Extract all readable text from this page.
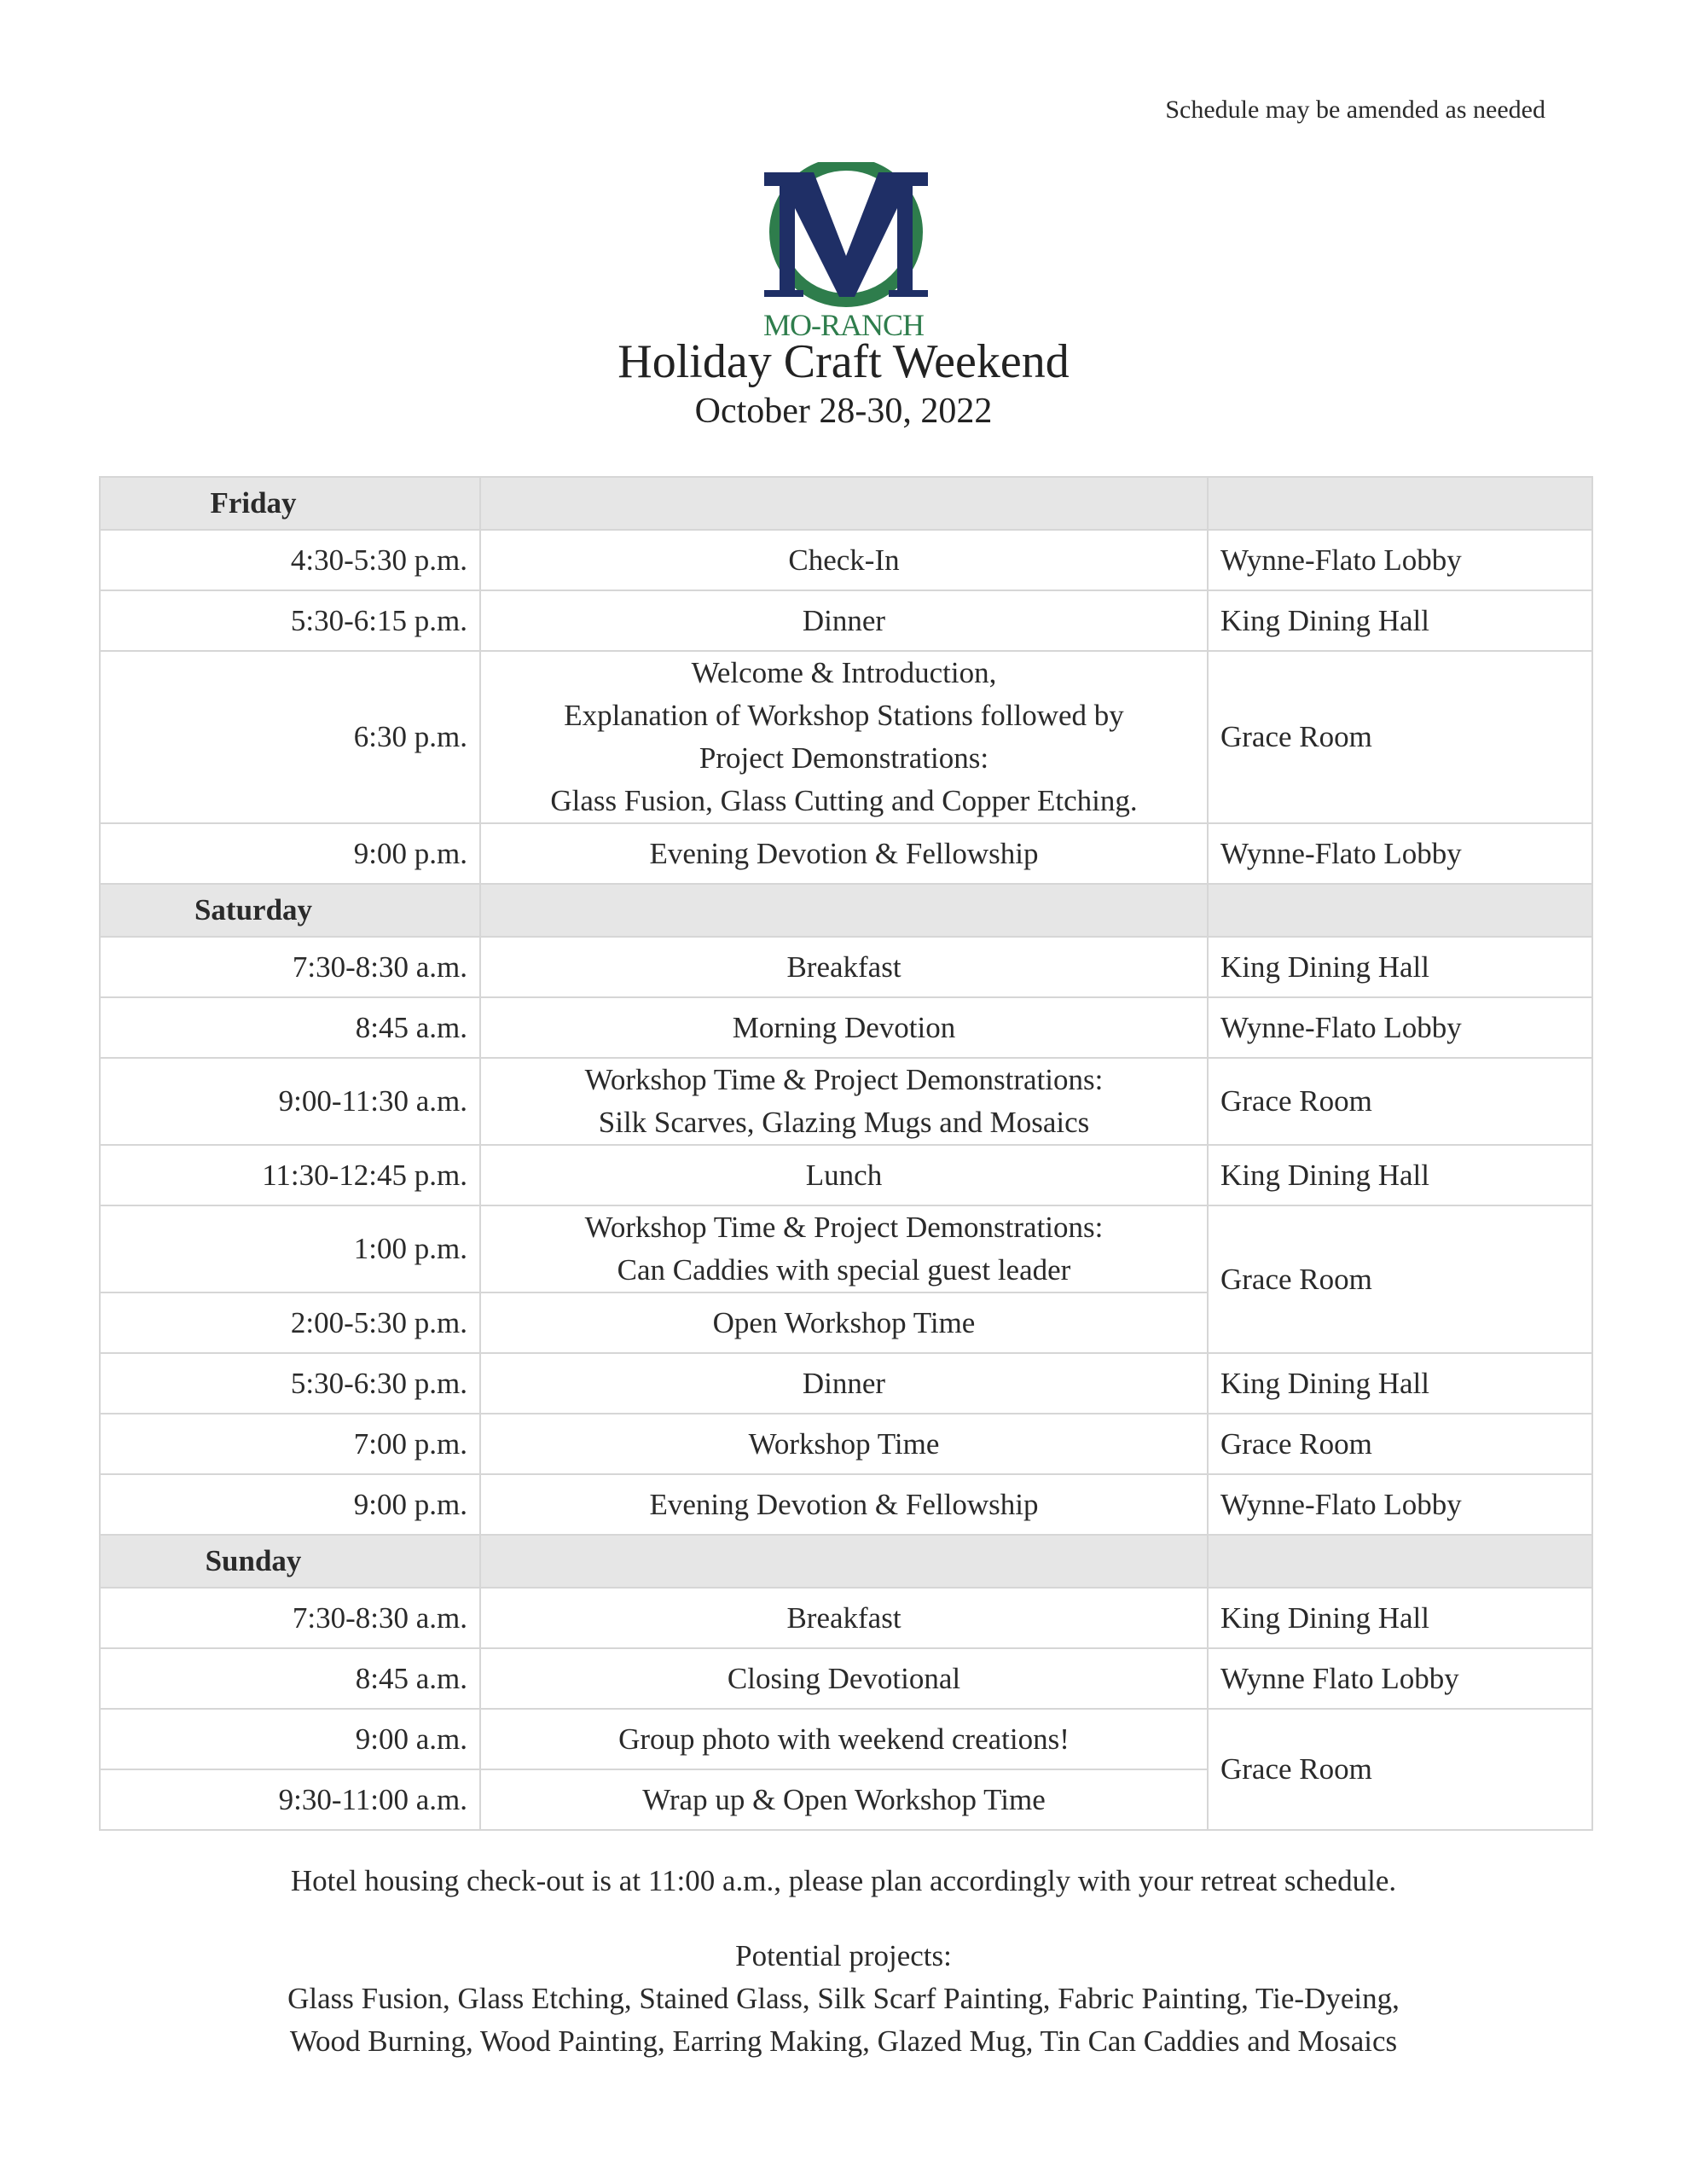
Schedule may be amended as needed
MO-RANCH
Holiday Craft Weekend
October 28-30, 2022
Friday		
4:30-5:30 p.m.	Check-In	Wynne-Flato Lobby
5:30-6:15 p.m.	Dinner	King Dining Hall
6:30 p.m.	Welcome & Introduction,
Explanation of Workshop Stations followed by
Project Demonstrations:
Glass Fusion, Glass Cutting and Copper Etching.	Grace Room
9:00 p.m.	Evening Devotion & Fellowship	Wynne-Flato Lobby
Saturday		
7:30-8:30 a.m.	Breakfast	King Dining Hall
8:45 a.m.	Morning Devotion	Wynne-Flato Lobby
9:00-11:30 a.m.	Workshop Time & Project Demonstrations:
Silk Scarves, Glazing Mugs and Mosaics	Grace Room
11:30-12:45 p.m.	Lunch	King Dining Hall
1:00 p.m.	Workshop Time & Project Demonstrations:
Can Caddies with special guest leader	Grace Room
2:00-5:30 p.m.	Open Workshop Time	

5:30-6:30 p.m.	Dinner	King Dining Hall
7:00 p.m.	Workshop Time	Grace Room
9:00 p.m.	Evening Devotion & Fellowship	Wynne-Flato Lobby
Sunday		
7:30-8:30 a.m.	Breakfast	King Dining Hall
8:45 a.m.	Closing Devotional	Wynne Flato Lobby
9:00 a.m.	Group photo with weekend creations!	Grace Room
9:30-11:00 a.m.	Wrap up & Open Workshop Time	
Hotel housing check-out is at 11:00 a.m., please plan accordingly with your retreat schedule.
Potential projects:
Glass Fusion, Glass Etching, Stained Glass, Silk Scarf Painting, Fabric Painting, Tie-Dyeing,
Wood Burning, Wood Painting, Earring Making, Glazed Mug, Tin Can Caddies and Mosaics
